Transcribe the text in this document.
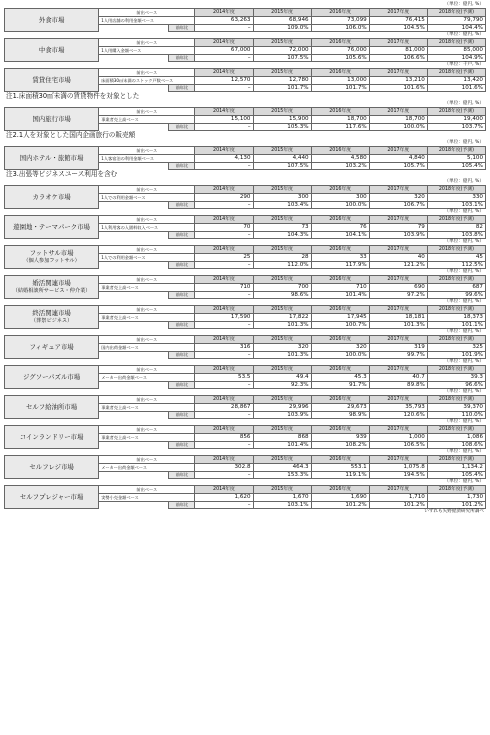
（単位：億円, %）
外食市場	前出ベース		2014年度	2015年度	2016年度	2017年度	2018年度(予測)
	1人用店舗の利用金額ベース		63,263	68,946	73,099	76,415	79,790
		前年比	–	109.0%	106.0%	104.5%	104.4%
（単位：億円, %）
中食市場	前出ベース		2014年度	2015年度	2016年度	2017年度	2018年度(予測)
	1人用購入金額ベース		67,000	72,000	76,000	81,000	85,000
		前年比	–	107.5%	105.6%	106.6%	104.9%
（単位：千戸, %）
賃貸住宅市場	前出ベース		2014年度	2015年度	2016年度	2017年度	2018年度(予測)
	床面積30㎡未満のストック戸数ベース		12,570	12,780	13,000	13,210	13,420
		前年比	–	101.7%	101.7%	101.6%	101.6%
注1.床面積30㎡未満の賃貸物件を対象とした
（単位：億円, %）
国内旅行市場	前出ベース		2014年度	2015年度	2016年度	2017年度	2018年度(予測)
	事業者売上高ベース		15,100	15,900	18,700	18,700	19,400
		前年比	–	105.3%	117.6%	100.0%	103.7%
注2.1人を対象とした国内企画旅行の販売額
（単位：億円, %）
国内ホテル・旅館市場	前出ベース		2014年度	2015年度	2016年度	2017年度	2018年度(予測)
	1人客宿泊の利用金額ベース		4,130	4,440	4,580	4,840	5,100
		前年比	–	107.5%	103.2%	105.7%	105.4%
注3.出張等ビジネスユース利用を含む
（単位：億円, %）
カラオケ市場	前出ベース		2014年度	2015年度	2016年度	2017年度	2018年度(予測)
	1人での利用金額ベース		290	300	300	320	330
		前年比	–	103.4%	100.0%	106.7%	103.1%
（単位：億円, %）
遊園地・テーマパーク市場	前出ベース		2014年度	2015年度	2016年度	2017年度	2018年度(予測)
	1人利用客の入園料収入ベース		70	73	76	79	82
		前年比	–	104.3%	104.1%	103.9%	103.8%
（単位：億円, %）
フットサル市場
（個人参加フットサル）	前出ベース		2014年度	2015年度	2016年度	2017年度	2018年度(予測)
	1人での利用金額ベース		25	28	33	40	45
		前年比	–	112.0%	117.9%	121.2%	112.5%
（単位：億円, %）
婚活関連市場
（結婚相談所サービス・仲介業）	前出ベース		2014年度	2015年度	2016年度	2017年度	2018年度(予測)
	事業者売上高ベース		710	700	710	690	687
		前年比	–	98.6%	101.4%	97.2%	99.6%
（単位：億円, %）
終活関連市場
（葬祭ビジネス）	前出ベース		2014年度	2015年度	2016年度	2017年度	2018年度(予測)
	事業者売上高ベース		17,590	17,822	17,945	18,181	18,373
		前年比	–	101.3%	100.7%	101.3%	101.1%
（単位：億円, %）
フィギュア市場	前出ベース		2014年度	2015年度	2016年度	2017年度	2018年度(予測)
	国内出荷金額ベース		316	320	320	319	325
		前年比	–	101.3%	100.0%	99.7%	101.9%
（単位：億円, %）
ジグソーパズル市場	前出ベース		2014年度	2015年度	2016年度	2017年度	2018年度(予測)
	メーカー出荷金額ベース		53.5	49.4	45.3	40.7	39.3
		前年比	–	92.3%	91.7%	89.8%	96.6%
（単位：億円, %）
セルフ給油所市場	前出ベース		2014年度	2015年度	2016年度	2017年度	2018年度(予測)
	事業者売上高ベース		28,867	29,996	29,673	35,793	39,370
		前年比	–	103.9%	98.9%	120.6%	110.0%
（単位：億円, %）
コインランドリー市場	前出ベース		2014年度	2015年度	2016年度	2017年度	2018年度(予測)
	事業者売上高ベース		856	868	939	1,000	1,086
		前年比	–	101.4%	108.2%	106.5%	108.6%
（単位：億円, %）
セルフレジ市場	前出ベース		2014年度	2015年度	2016年度	2017年度	2018年度(予測)
	メーカー出荷金額ベース		302.8	464.3	553.1	1,075.8	1,134.2
		前年比	–	153.3%	119.1%	194.5%	105.4%
（単位：億円, %）
セルフプレジャー市場	前出ベース		2014年度	2015年度	2016年度	2017年度	2018年度(予測)
	実勢小売金額ベース		1,620	1,670	1,690	1,710	1,730
		前年比	–	103.1%	101.2%	101.2%	101.2%
いずれも矢野経済研究所調べ
